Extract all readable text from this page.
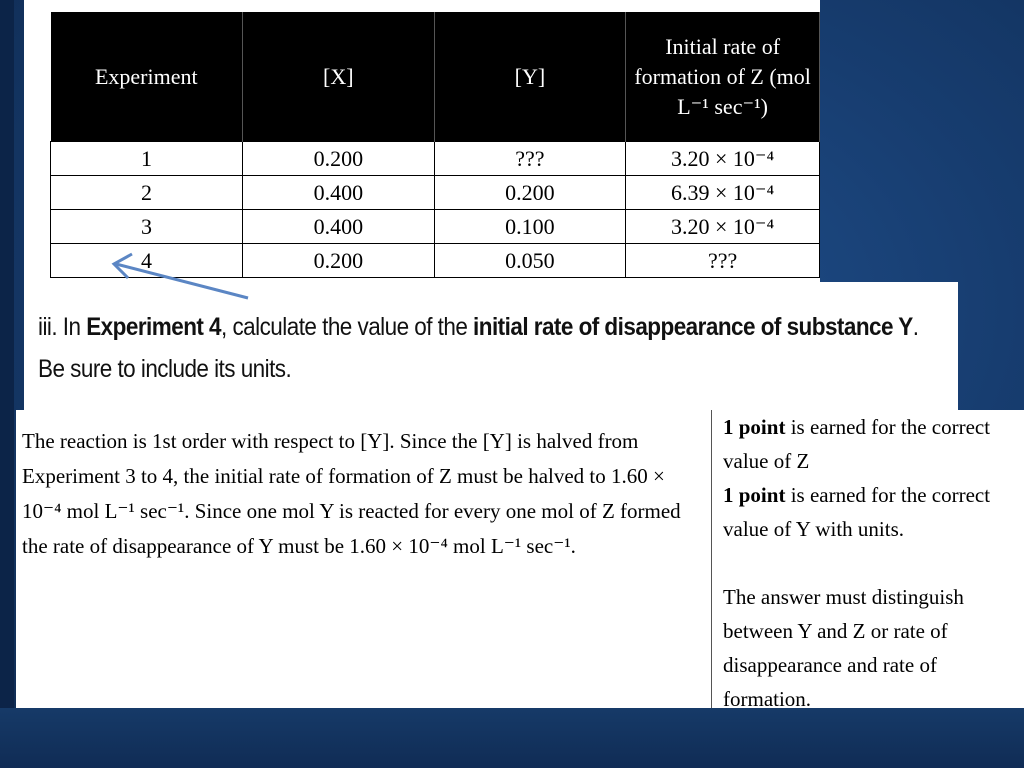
Experiment	[X]	[Y]	Initial rate of formation of Z (mol L⁻¹ sec⁻¹)
1	0.200	???	3.20 × 10⁻⁴
2	0.400	0.200	6.39 × 10⁻⁴
3	0.400	0.100	3.20 × 10⁻⁴
4	0.200	0.050	???
iii. In Experiment 4, calculate the value of the initial rate of disappearance of substance Y.
Be sure to include its units.
The reaction is 1st order with respect to [Y]. Since the [Y] is halved from Experiment 3 to 4, the initial rate of formation of Z must be halved to 1.60 × 10⁻⁴ mol L⁻¹ sec⁻¹. Since one mol Y is reacted for every one mol of Z formed the rate of disappearance of Y must be 1.60 × 10⁻⁴ mol L⁻¹ sec⁻¹.
1 point is earned for the correct value of Z
1 point is earned for the correct value of Y with units.
The answer must distinguish between Y and Z or rate of disappearance and rate of formation.
